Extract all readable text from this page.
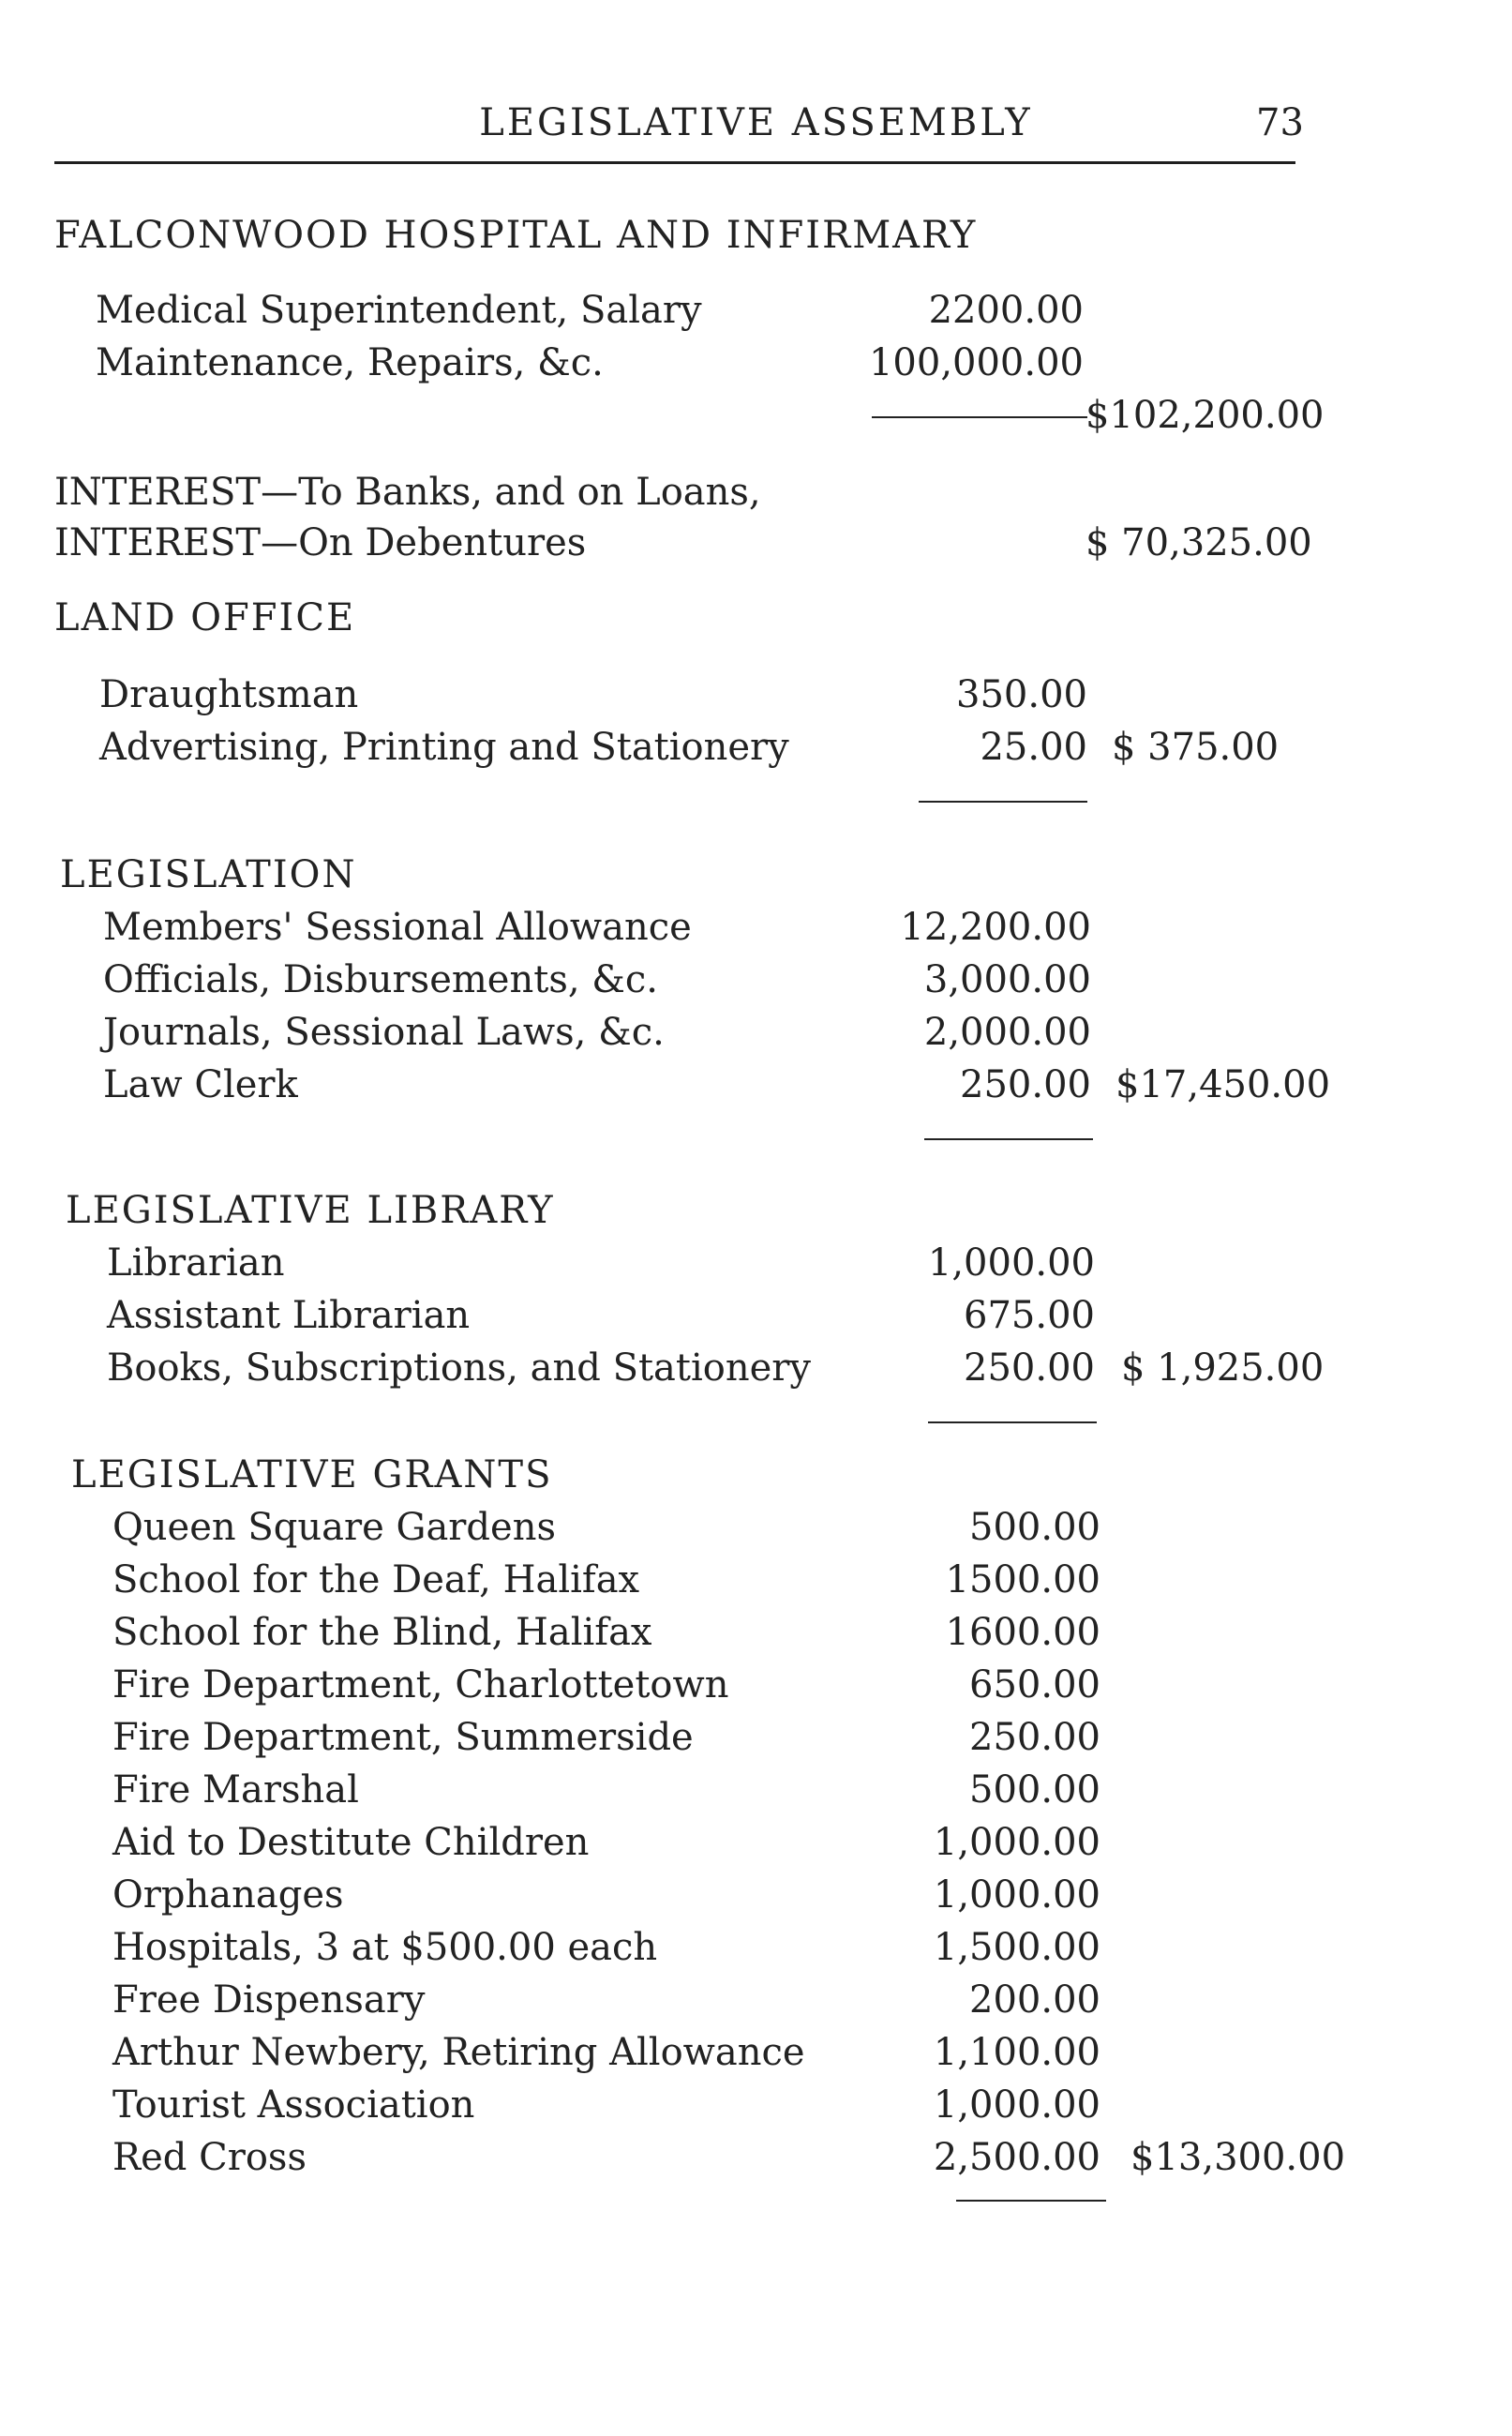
LEGISLATIVE ASSEMBLY	73
FALCONWOOD HOSPITAL AND INFIRMARY
Medical Superintendent, Salary	2200.00
Maintenance, Repairs, &c.	100,000.00
$102,200.00
INTEREST—To Banks, and on Loans,
INTEREST—On Debentures	$ 70,325.00
LAND OFFICE
Draughtsman	350.00
Advertising, Printing and Stationery	25.00 $ 375.00
LEGISLATION
Members' Sessional Allowance	12,200.00
Officials, Disbursements, &c.	3,000.00
Journals, Sessional Laws, &c.	2,000.00
Law Clerk	250.00 $17,450.00
LEGISLATIVE LIBRARY
Librarian	1,000.00
Assistant Librarian	675.00
Books, Subscriptions, and Stationery	250.00 $ 1,925.00
LEGISLATIVE GRANTS
Queen Square Gardens	500.00
School for the Deaf, Halifax	1500.00
School for the Blind, Halifax	1600.00
Fire Department, Charlottetown	650.00
Fire Department, Summerside	250.00
Fire Marshal	500.00
Aid to Destitute Children	1,000.00
Orphanages	1,000.00
Hospitals, 3 at $500.00 each	1,500.00
Free Dispensary	200.00
Arthur Newbery, Retiring Allowance	1,100.00
Tourist Association	1,000.00
Red Cross	2,500.00 $13,300.00
